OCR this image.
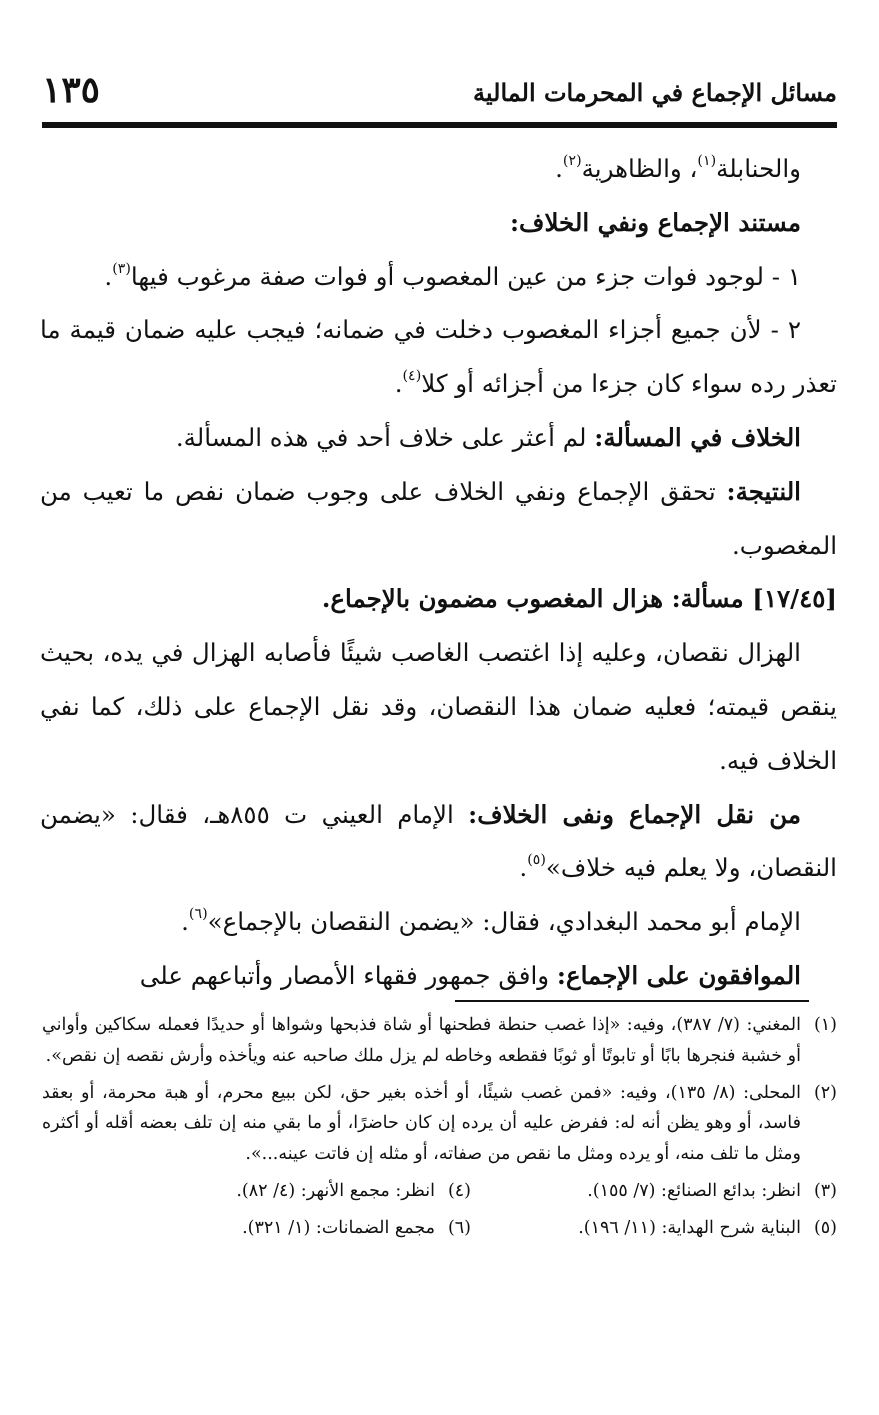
مسائل الإجماع في المحرمات المالية
١٣٥

والحنابلة$^{(١)}$، والظاهرية$^{(٢)}$.

مستند الإجماع ونفي الخلاف:

١ - لوجود فوات جزء من عين المغصوب أو فوات صفة مرغوب فيها$^{(٣)}$.

٢ - لأن جميع أجزاء المغصوب دخلت في ضمانه؛ فيجب عليه ضمان قيمة ما تعذر رده سواء كان جزءا من أجزائه أو كلا$^{(٤)}$.

الخلاف في المسألة: لم أعثر على خلاف أحد في هذه المسألة.

النتيجة: تحقق الإجماع ونفي الخلاف على وجوب ضمان نفص ما تعيب من المغصوب.

[١٧/٤٥] مسألة: هزال المغصوب مضمون بالإجماع.

الهزال نقصان، وعليه إذا اغتصب الغاصب شيئًا فأصابه الهزال في يده، بحيث ينقص قيمته؛ فعليه ضمان هذا النقصان، وقد نقل الإجماع على ذلك، كما نفي الخلاف فيه.

من نقل الإجماع ونفى الخلاف: الإمام العيني ت ٨٥٥هـ، فقال: «يضمن النقصان، ولا يعلم فيه خلاف»$^{(٥)}$.

الإمام أبو محمد البغدادي، فقال: «يضمن النقصان بالإجماع»$^{(٦)}$.

الموافقون على الإجماع: وافق جمهور فقهاء الأمصار وأتباعهم على

(١)
المغني: (٧/ ٣٨٧)، وفيه: «إذا غصب حنطة فطحنها أو شاة فذبحها وشواها أو حديدًا فعمله سكاكين وأواني أو خشبة فنجرها بابًا أو تابوتًا أو ثوبًا فقطعه وخاطه لم يزل ملك صاحبه عنه ويأخذه وأرش نقصه إن نقص».

(٢)
المحلى: (٨/ ١٣٥)، وفيه: «فمن غصب شيئًا، أو أخذه بغير حق، لكن ببيع محرم، أو هبة محرمة، أو بعقد فاسد، أو وهو يظن أنه له: ففرض عليه أن يرده إن كان حاضرًا، أو ما بقي منه إن تلف بعضه أقله أو أكثره ومثل ما تلف منه، أو يرده ومثل ما نقص من صفاته، أو مثله إن فاتت عينه...».

(٣)
انظر: بدائع الصنائع: (٧/ ١٥٥).
(٤)
انظر: مجمع الأنهر: (٤/ ٨٢).
(٥)
البناية شرح الهداية: (١١/ ١٩٦).
(٦)
مجمع الضمانات: (١/ ٣٢١).
